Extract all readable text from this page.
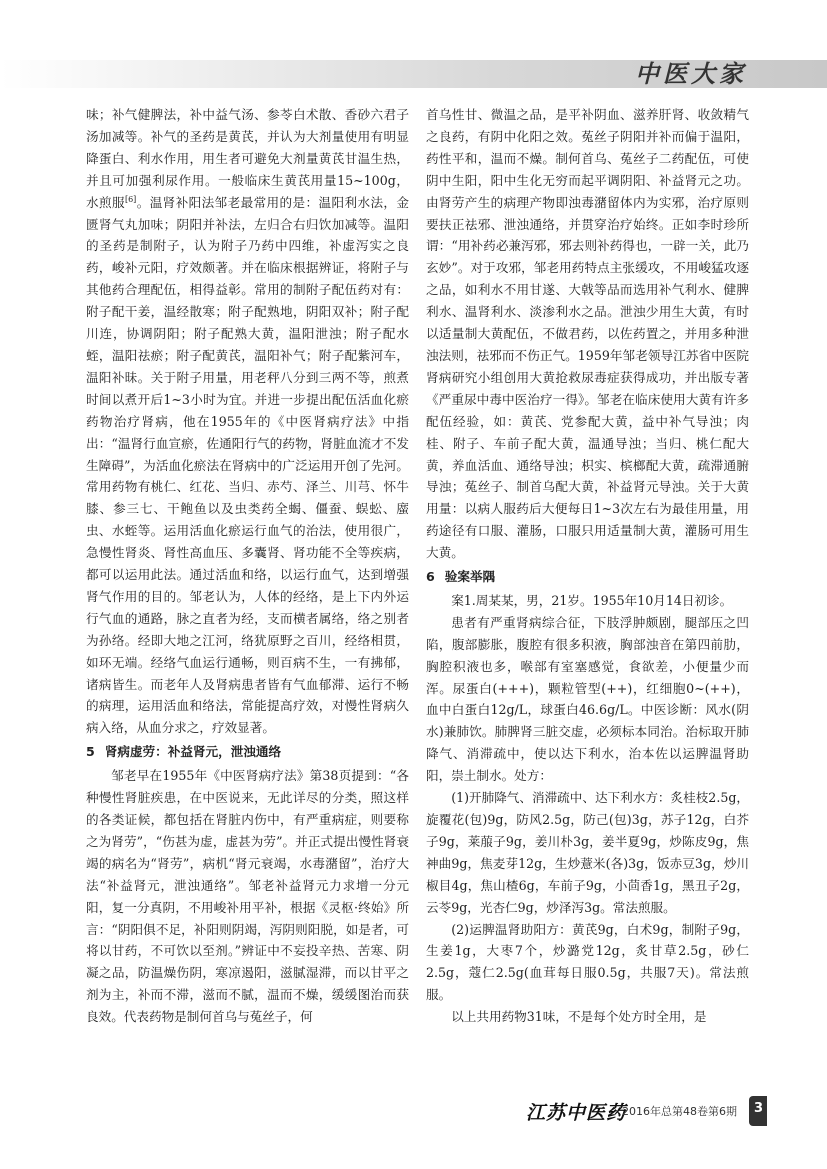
中医大家

味；补气健脾法，补中益气汤、参苓白术散、香砂六君子汤加减等。补气的圣药是黄芪，并认为大剂量使用有明显降蛋白、利水作用，用生者可避免大剂量黄芪甘温生热，并且可加强利尿作用。一般临床生黄芪用量15~100g，水煎服[6]。温肾补阳法邹老最常用的是：温阳利水法，金匮肾气丸加味；阴阳并补法，左归合右归饮加减等。温阳的圣药是制附子，认为附子乃药中四维，补虚泻实之良药，峻补元阳，疗效颇著。并在临床根据辨证，将附子与其他药合理配伍，相得益彰。常用的制附子配伍药对有：附子配干姜，温经散寒；附子配熟地，阴阳双补；附子配川连，协调阴阳；附子配熟大黄，温阳泄浊；附子配水蛭，温阳祛瘀；附子配黄芪，温阳补气；附子配紫河车，温阳补昧。关于附子用量，用老秤八分到三两不等，煎煮时间以煮开后1~3小时为宜。并进一步提出配伍活血化瘀药物治疗肾病，他在1955年的《中医肾病疗法》中指出：“温肾行血宣瘀，佐通阳行气的药物，肾脏血流才不发生障碍”，为活血化瘀法在肾病中的广泛运用开创了先河。常用药物有桃仁、红花、当归、赤芍、泽兰、川芎、怀牛膝、参三七、干鲍鱼以及虫类药全蝎、僵蚕、蜈蚣、䗪虫、水蛭等。运用活血化瘀运行血气的治法，使用很广，急慢性肾炎、肾性高血压、多囊肾、肾功能不全等疾病，都可以运用此法。通过活血和络，以运行血气，达到增强肾气作用的目的。邹老认为，人体的经络，是上下内外运行气血的通路，脉之直者为经，支而横者属络，络之别者为孙络。经即大地之江河，络犹原野之百川，经络相贯，如环无端。经络气血运行通畅，则百病不生，一有拂郁，诸病皆生。而老年人及肾病患者皆有气血郁滞、运行不畅的病理，运用活血和络法，常能提高疗效，对慢性肾病久病入络，从血分求之，疗效显著。

5 肾病虚劳：补益肾元，泄浊通络

邹老早在1955年《中医肾病疗法》第38页提到：“各种慢性肾脏疾患，在中医说来，无此详尽的分类，照这样的各类证候，都包括在肾脏内伤中，有严重病症，则要称之为肾劳”，“伤甚为虚，虚甚为劳”。并正式提出慢性肾衰竭的病名为“肾劳”，病机“肾元衰竭，水毒潴留”，治疗大法“补益肾元，泄浊通络”。邹老补益肾元力求增一分元阳，复一分真阴，不用峻补用平补，根据《灵枢·终始》所言：“阴阳俱不足，补阳则阴竭，泻阴则阳脱，如是者，可将以甘药，不可饮以至剂。”辨证中不妄投辛热、苦寒、阴凝之品，防温燥伤阴，寒凉遏阳，滋腻湿滞，而以甘平之剂为主，补而不滞，滋而不腻，温而不燥，缓缓图治而获良效。代表药物是制何首乌与菟丝子，何

首乌性甘、微温之品，是平补阴血、滋养肝肾、收敛精气之良药，有阴中化阳之效。菟丝子阴阳并补而偏于温阳，药性平和，温而不燥。制何首乌、菟丝子二药配伍，可使阴中生阳，阳中生化无穷而起平调阴阳、补益肾元之功。由肾劳产生的病理产物即浊毒潴留体内为实邪，治疗原则要扶正祛邪、泄浊通络，并贯穿治疗始终。正如李时珍所谓：“用补药必兼泻邪，邪去则补药得也，一辟一关，此乃玄妙”。对于攻邪，邹老用药特点主张缓攻，不用峻猛攻逐之品，如利水不用甘遂、大戟等品而选用补气利水、健脾利水、温肾利水、淡渗利水之品。泄浊少用生大黄，有时以适量制大黄配伍，不做君药，以佐药置之，并用多种泄浊法则，祛邪而不伤正气。1959年邹老领导江苏省中医院肾病研究小组创用大黄抢救尿毒症获得成功，并出版专著《严重尿中毒中医治疗一得》。邹老在临床使用大黄有许多配伍经验，如：黄芪、党参配大黄，益中补气导浊；肉桂、附子、车前子配大黄，温通导浊；当归、桃仁配大黄，养血活血、通络导浊；枳实、槟榔配大黄，疏滞通腑导浊；菟丝子、制首乌配大黄，补益肾元导浊。关于大黄用量：以病人服药后大便每日1~3次左右为最佳用量，用药途径有口服、灌肠，口服只用适量制大黄，灌肠可用生大黄。

6 验案举隅

案1.周某某，男，21岁。1955年10月14日初诊。

患者有严重肾病综合征，下肢浮肿颇剧，腿部压之凹陷，腹部膨胀，腹腔有很多积液，胸部浊音在第四前肋，胸腔积液也多，喉部有室塞感觉，食欲差，小便量少而浑。尿蛋白(+++)，颗粒管型(++)，红细胞0~(++)，血中白蛋白12g/L，球蛋白46.6g/L。中医诊断：风水(阴水)兼肺饮。肺脾肾三脏交虚，必须标本同治。治标取开肺降气、消滞疏中，使以达下利水，治本佐以运脾温肾助阳，崇土制水。处方：

(1)开肺降气、消滞疏中、达下利水方：炙桂枝2.5g，旋覆花(包)9g，防风2.5g，防己(包)3g，苏子12g，白芥子9g，莱菔子9g，姜川朴3g，姜半夏9g，炒陈皮9g，焦神曲9g，焦麦芽12g，生炒薏米(各)3g，饭赤豆3g，炒川椒目4g，焦山楂6g，车前子9g，小茴香1g，黑丑子2g，云苓9g，光杏仁9g，炒泽泻3g。常法煎服。

(2)运脾温肾助阳方：黄芪9g，白术9g，制附子9g，生姜1g，大枣7个，炒潞党12g，炙甘草2.5g，砂仁2.5g，蔻仁2.5g(血茸每日服0.5g，共服7天)。常法煎服。

以上共用药物31味，不是每个处方时全用，是

江苏中医药
2016年总第48卷第6期 3
